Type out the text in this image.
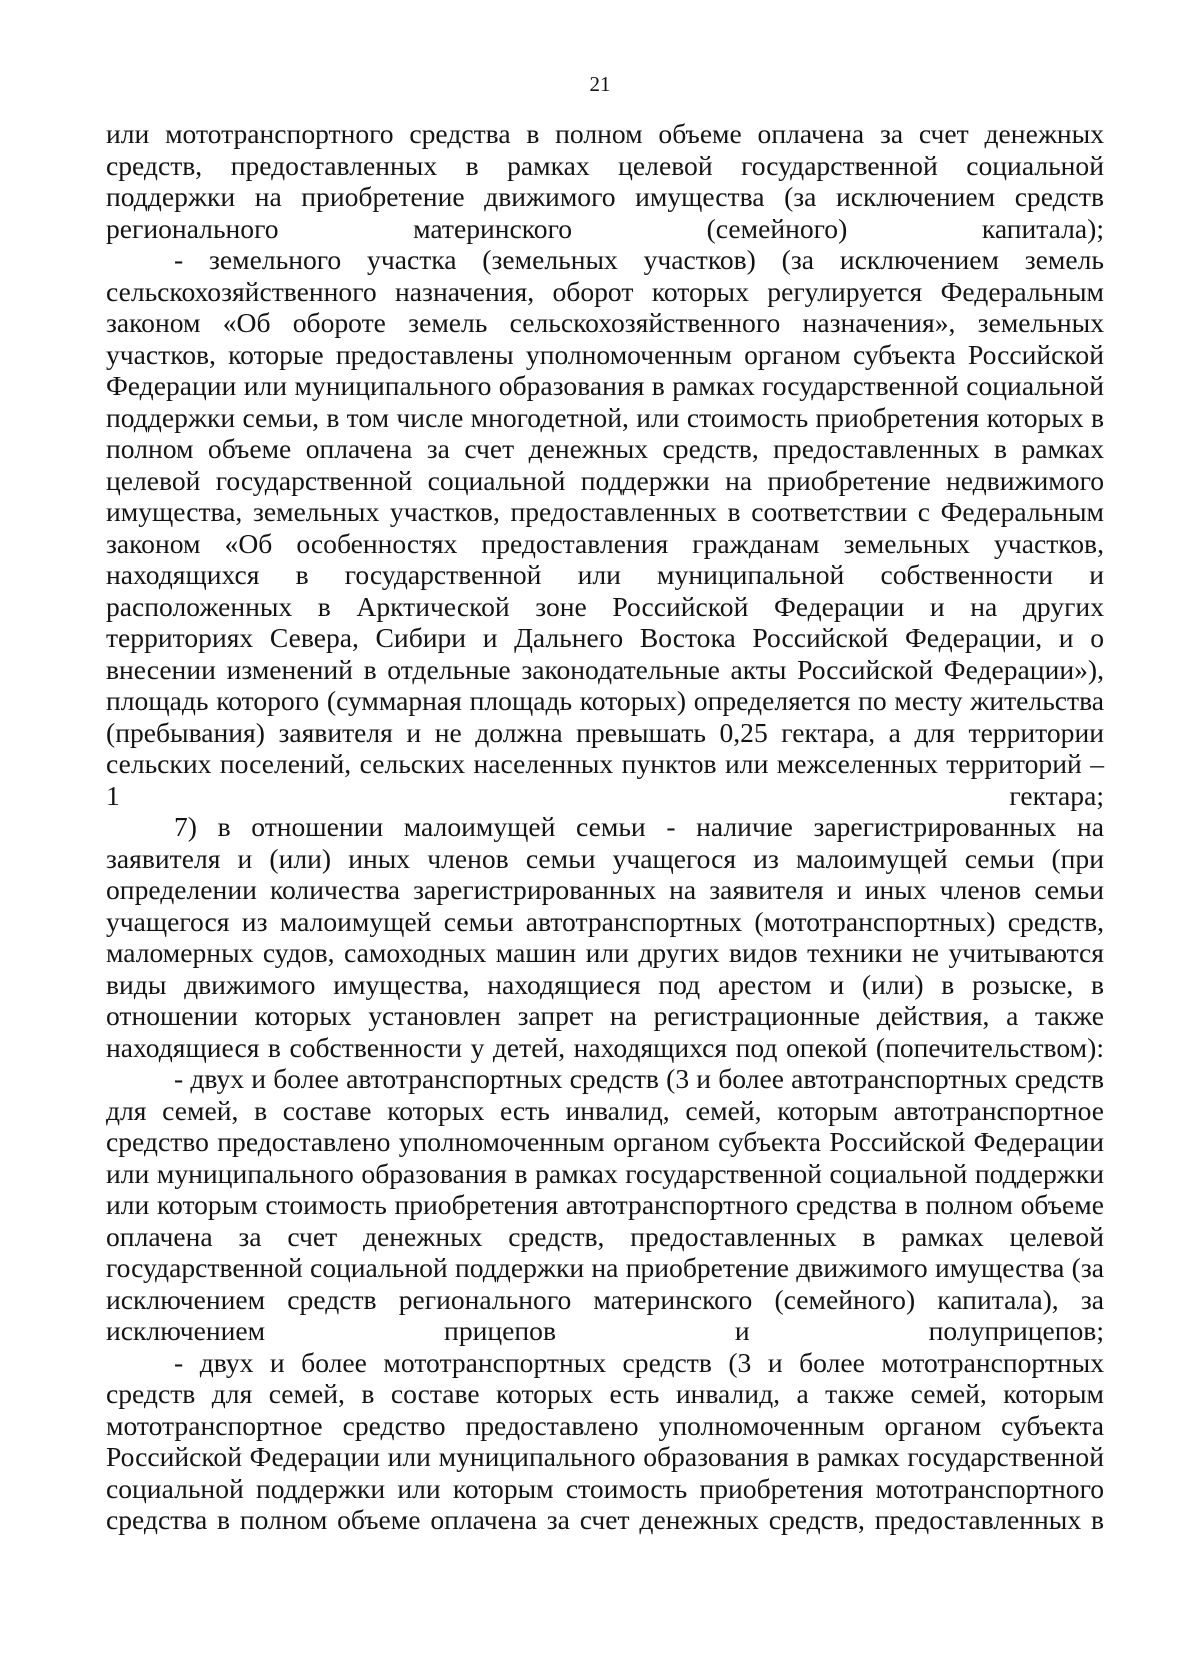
21
или мототранспортного средства в полном объеме оплачена за счет денежных
средств, предоставленных в рамках целевой государственной социальной
поддержки на приобретение движимого имущества (за исключением средств
регионального материнского (семейного) капитала);
- земельного участка (земельных участков) (за исключением земель
сельскохозяйственного назначения, оборот которых регулируется Федеральным
законом «Об обороте земель сельскохозяйственного назначения», земельных
участков, которые предоставлены уполномоченным органом субъекта Российской
Федерации или муниципального образования в рамках государственной социальной
поддержки семьи, в том числе многодетной, или стоимость приобретения которых в
полном объеме оплачена за счет денежных средств, предоставленных в рамках
целевой государственной социальной поддержки на приобретение недвижимого
имущества, земельных участков, предоставленных в соответствии с Федеральным
законом «Об особенностях предоставления гражданам земельных участков,
находящихся в государственной или муниципальной собственности и
расположенных в Арктической зоне Российской Федерации и на других
территориях Севера, Сибири и Дальнего Востока Российской Федерации, и о
внесении изменений в отдельные законодательные акты Российской Федерации»),
площадь которого (суммарная площадь которых) определяется по месту жительства
(пребывания) заявителя и не должна превышать 0,25 гектара, а для территории
сельских поселений, сельских населенных пунктов или межселенных территорий –
1 гектара;
7) в отношении малоимущей семьи - наличие зарегистрированных на
заявителя и (или) иных членов семьи учащегося из малоимущей семьи (при
определении количества зарегистрированных на заявителя и иных членов семьи
учащегося из малоимущей семьи автотранспортных (мототранспортных) средств,
маломерных судов, самоходных машин или других видов техники не учитываются
виды движимого имущества, находящиеся под арестом и (или) в розыске, в
отношении которых установлен запрет на регистрационные действия, а также
находящиеся в собственности у детей, находящихся под опекой (попечительством):
- двух и более автотранспортных средств (3 и более автотранспортных средств
для семей, в составе которых есть инвалид, семей, которым автотранспортное
средство предоставлено уполномоченным органом субъекта Российской Федерации
или муниципального образования в рамках государственной социальной поддержки
или которым стоимость приобретения автотранспортного средства в полном объеме
оплачена за счет денежных средств, предоставленных в рамках целевой
государственной социальной поддержки на приобретение движимого имущества (за
исключением средств регионального материнского (семейного) капитала), за
исключением прицепов и полуприцепов;
- двух и более мототранспортных средств (3 и более мототранспортных
средств для семей, в составе которых есть инвалид, а также семей, которым
мототранспортное средство предоставлено уполномоченным органом субъекта
Российской Федерации или муниципального образования в рамках государственной
социальной поддержки или которым стоимость приобретения мототранспортного
средства в полном объеме оплачена за счет денежных средств, предоставленных в
